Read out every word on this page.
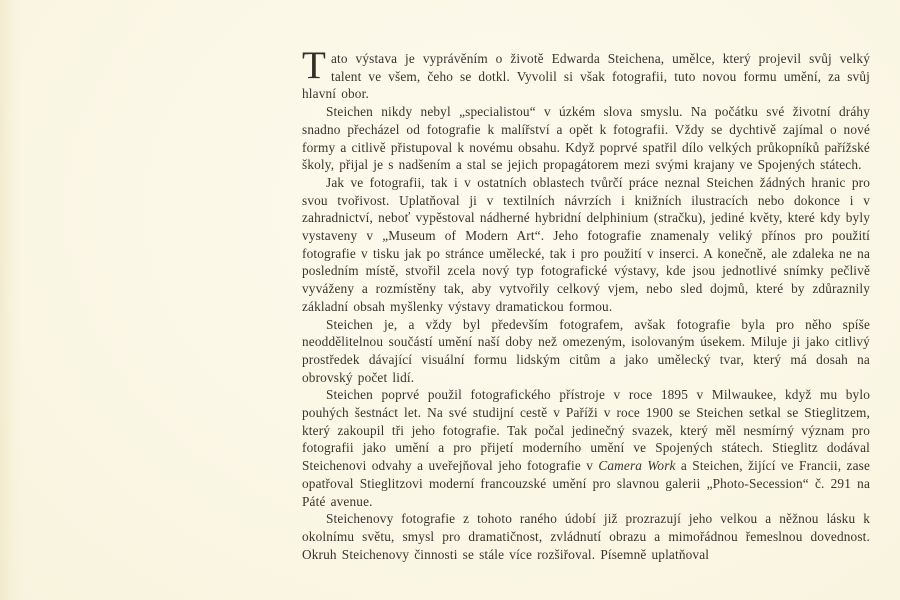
Tato výstava je vyprávěním o životě Edwarda Steichena, umělce, který projevil svůj velký talent ve všem, čeho se dotkl. Vyvolil si však fotografii, tuto novou formu umění, za svůj hlavní obor.

Steichen nikdy nebyl „specialistou“ v úzkém slova smyslu. Na počátku své životní dráhy snadno přecházel od fotografie k malířství a opět k fotografii. Vždy se dychtivě zajímal o nové formy a citlivě přistupoval k novému obsahu. Když poprvé spatřil dílo velkých průkopníků pařížské školy, přijal je s nadšením a stal se jejich propagátorem mezi svými krajany ve Spojených státech.

Jak ve fotografii, tak i v ostatních oblastech tvůrčí práce neznal Steichen žádných hranic pro svou tvořivost. Uplatňoval ji v textilních návrzích i knižních ilustracích nebo dokonce i v zahradnictví, neboť vypěstoval nádherné hybridní delphinium (stračku), jediné květy, které kdy byly vystaveny v „Museum of Modern Art“. Jeho fotografie znamenaly veliký přínos pro použití fotografie v tisku jak po stránce umělecké, tak i pro použití v inserci. A konečně, ale zdaleka ne na posledním místě, stvořil zcela nový typ fotografické výstavy, kde jsou jednotlivé snímky pečlivě vyváženy a rozmístěny tak, aby vytvořily celkový vjem, nebo sled dojmů, které by zdůraznily základní obsah myšlenky výstavy dramatickou formou.

Steichen je, a vždy byl především fotografem, avšak fotografie byla pro něho spíše neoddělitelnou součástí umění naší doby než omezeným, isolovaným úsekem. Miluje ji jako citlivý prostředek dávající visuální formu lidským citům a jako umělecký tvar, který má dosah na obrovský počet lidí.

Steichen poprvé použil fotografického přístroje v roce 1895 v Milwaukee, když mu bylo pouhých šestnáct let. Na své studijní cestě v Paříži v roce 1900 se Steichen setkal se Stieglitzem, který zakoupil tři jeho fotografie. Tak počal jedinečný svazek, který měl nesmírný význam pro fotografii jako umění a pro přijetí moderního umění ve Spojených státech. Stieglitz dodával Steichenovi odvahy a uveřejňoval jeho fotografie v Camera Work a Steichen, žijící ve Francii, zase opatřoval Stieglitzovi moderní francouzské umění pro slavnou galerii „Photo-Secession“ č. 291 na Páté avenue.

Steichenovy fotografie z tohoto raného údobí již prozrazují jeho velkou a něžnou lásku k okolnímu světu, smysl pro dramatičnost, zvládnutí obrazu a mimořádnou řemeslnou dovednost. Okruh Steichenovy činnosti se stále více rozšiřoval. Písemně uplatňoval
